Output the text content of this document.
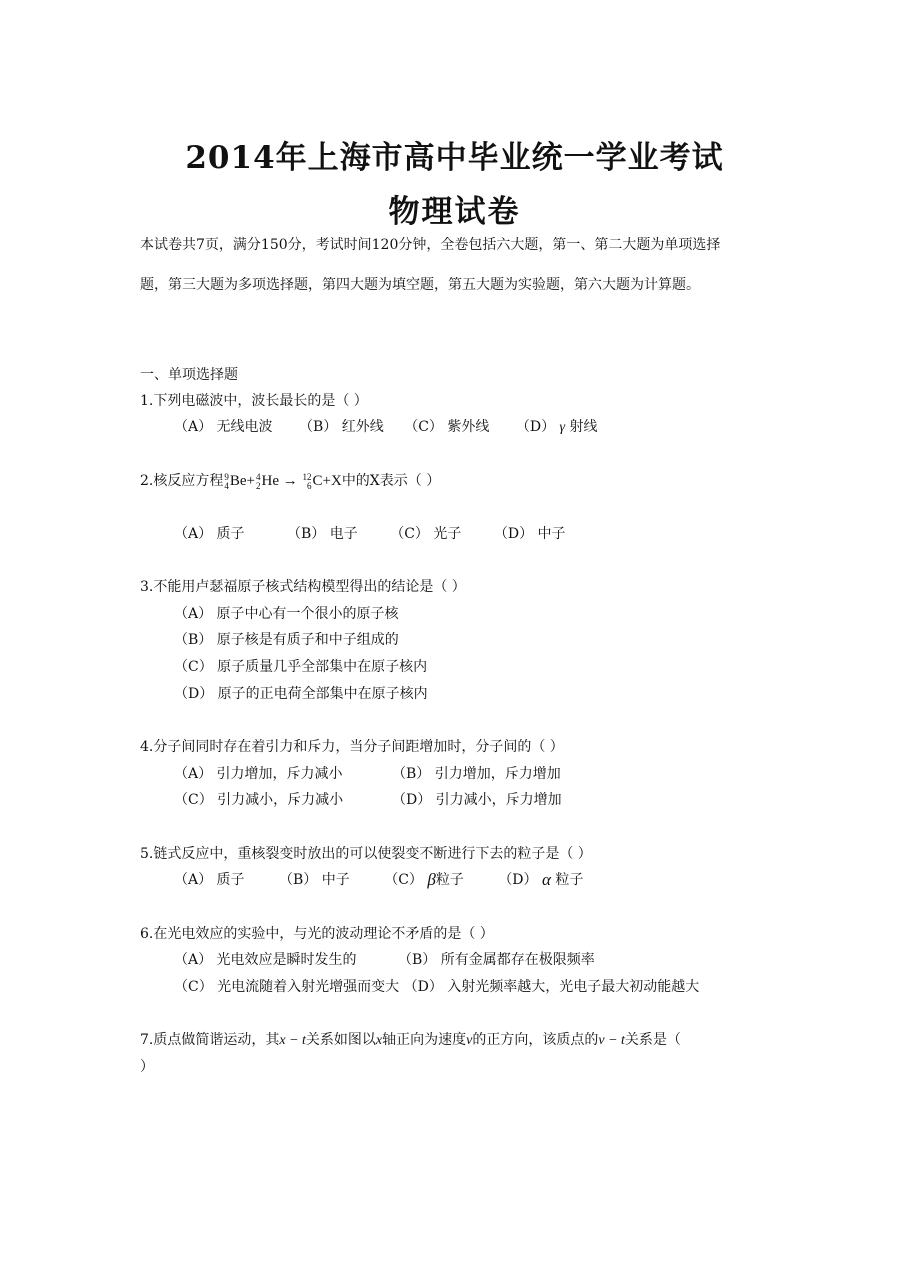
2014年上海市高中毕业统一学业考试
物理试卷
本试卷共7页，满分150分，考试时间120分钟，全卷包括六大题，第一、第二大题为单项选择
题，第三大题为多项选择题，第四大题为填空题，第五大题为实验题，第六大题为计算题。
一、单项选择题
1.下列电磁波中，波长最长的是（ ）
（A） 无线电波 （B） 红外线 （C） 紫外线 （D） γ 射线
2.核反应方程 9
4 Be+ 4
2 He → 12
6 C+X中的X表示（ ）
（A） 质子	（B） 电子 （C） 光子 （D） 中子
3.不能用卢瑟福原子核式结构模型得出的结论是（ ）
（A） 原子中心有一个很小的原子核
（B） 原子核是有质子和中子组成的
（C） 原子质量几乎全部集中在原子核内
（D） 原子的正电荷全部集中在原子核内
4.分子间同时存在着引力和斥力，当分子间距增加时，分子间的（ ）
（A） 引力增加，斥力减小	（B） 引力增加，斥力增加
（C） 引力减小，斥力减小	（D） 引力减小，斥力增加
5.链式反应中，重核裂变时放出的可以使裂变不断进行下去的粒子是（ ）
（A） 质子 （B） 中子 （C） β粒子 （D） α 粒子
6.在光电效应的实验中，与光的波动理论不矛盾的是（ ）
（A） 光电效应是瞬时发生的	（B） 所有金属都存在极限频率
（C） 光电流随着入射光增强而变大 （D） 入射光频率越大，光电子最大初动能越大
7.质点做简谐运动，其x − t关系如图以x轴正向为速度v的正方向，该质点的v − t关系是（
）
